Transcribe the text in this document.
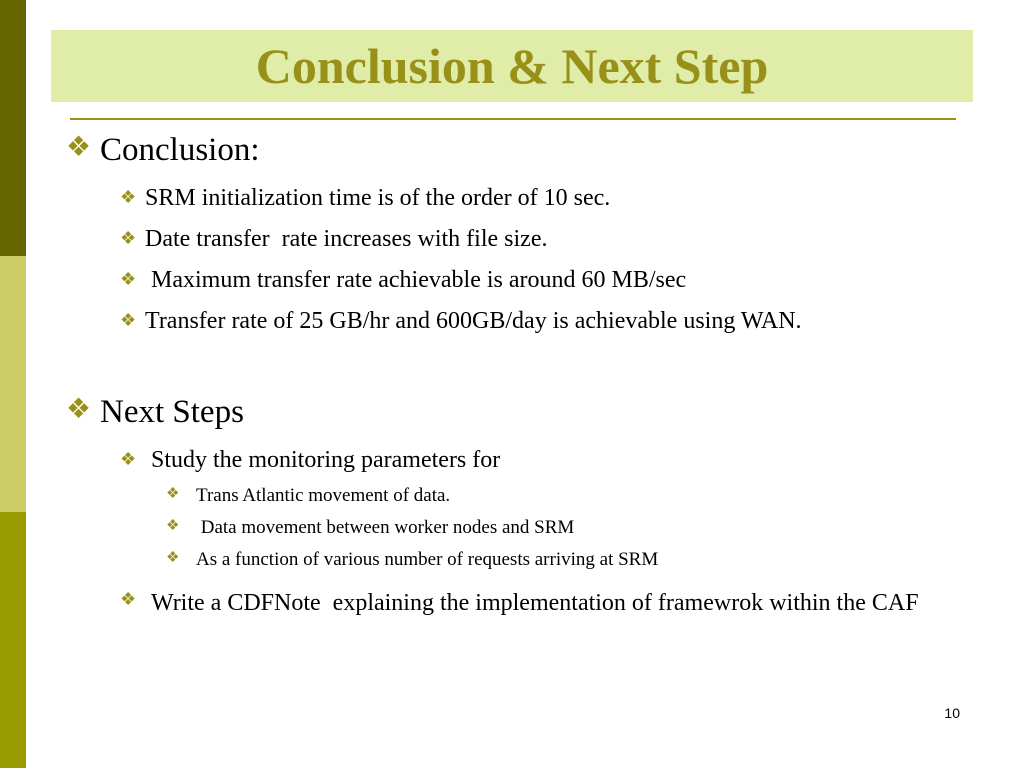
Conclusion & Next Step
❖ Conclusion:
❖ SRM initialization time is of the order of 10 sec.
❖ Date transfer  rate increases with file size.
❖ Maximum transfer rate achievable is around 60 MB/sec
❖ Transfer rate of 25 GB/hr and 600GB/day is achievable using WAN.
❖ Next Steps
❖ Study the monitoring parameters for
❖ Trans Atlantic movement of data.
❖ Data movement between worker nodes and SRM
❖ As a function of various number of requests arriving at SRM
❖ Write a CDFNote  explaining the implementation of framewrok within the CAF
10
